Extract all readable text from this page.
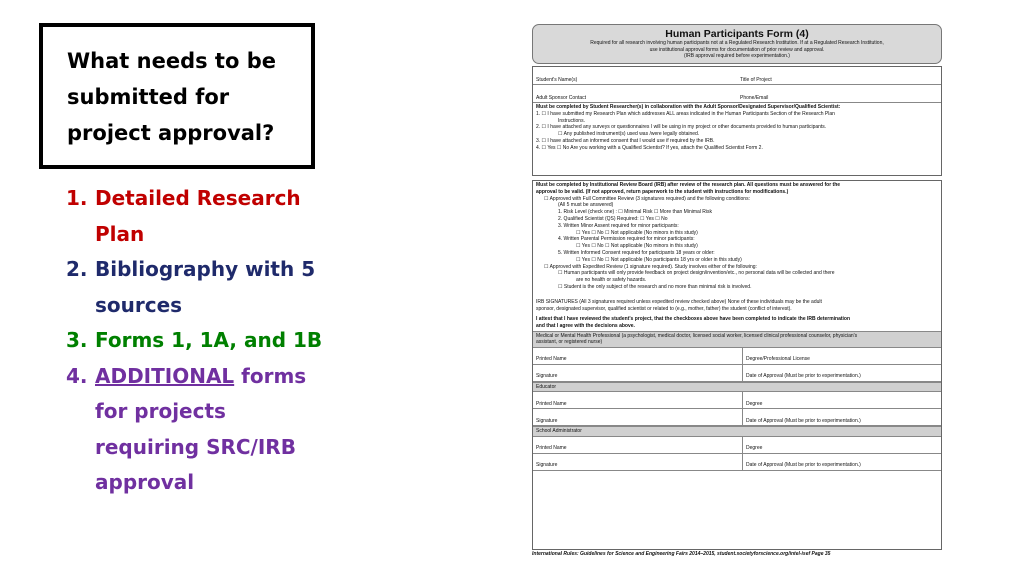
What needs to be submitted for project approval?
1. Detailed Research Plan
2. Bibliography with 5 sources
3. Forms 1, 1A, and 1B
4. ADDITIONAL forms for projects requiring SRC/IRB approval
Human Participants Form (4)
Required for all research involving human participants not at a Regulated Research Institution. If at a Regulated Research Institution,
use institutional approval forms for documentation of prior review and approval.
(IRB approval required before experimentation.)
Student's Name(s)	Title of Project
Adult Sponsor Contact	Phone/Email
Must be completed by Student Researcher(s) in collaboration with the Adult Sponsor/Designated Supervisor/Qualified Scientist:
1. ☐ I have submitted my Research Plan which addresses ALL areas indicated in the Human Participants Section of the Research Plan
Instructions.
2. ☐ I have attached any surveys or questionnaires I will be using in my project or other documents provided to human participants.
☐ Any published instrument(s) used was /were legally obtained.
3. ☐ I have attached an informed consent that I would use if required by the IRB.
4. ☐ Yes ☐ No Are you working with a Qualified Scientist? If yes, attach the Qualified Scientist Form 2.
Must be completed by Institutional Review Board (IRB) after review of the research plan. All questions must be answered for the
approval to be valid. (If not approved, return paperwork to the student with instructions for modifications.)
☐ Approved with Full Committee Review (3 signatures required) and the following conditions:
(All 5 must be answered)
1. Risk Level (check one) : ☐ Minimal Risk ☐ More than Minimal Risk
2. Qualified Scientist (QS) Required: ☐ Yes ☐ No
3. Written Minor Assent required for minor participants:
☐ Yes ☐ No ☐ Not applicable (No minors in this study)
4. Written Parental Permission required for minor participants:
☐ Yes ☐ No ☐ Not applicable (No minors in this study)
5. Written Informed Consent required for participants 18 years or older:
☐ Yes ☐ No ☐ Not applicable (No participants 18 yrs or older in this study)
☐ Approved with Expedited Review (1 signature required). Study involves either of the following:
☐ Human participants will only provide feedback on project design/invention/etc., no personal data will be collected and there
are no health or safety hazards.
☐ Student is the only subject of the research and no more than minimal risk is involved.
IRB SIGNATURES (All 3 signatures required unless expedited review checked above) None of these individuals may be the adult
sponsor, designated supervisor, qualified scientist or related to (e.g., mother, father) the student (conflict of interest).
I attest that I have reviewed the student's project, that the checkboxes above have been completed to indicate the IRB determination
and that I agree with the decisions above.
Medical or Mental Health Professional (a psychologist, medical doctor, licensed social worker, licensed clinical professional counselor, physician's
assistant, or registered nurse)
Printed Name	Degree/Professional License
Signature	Date of Approval (Must be prior to experimentation.)
Educator
Printed Name	Degree
Signature	Date of Approval (Must be prior to experimentation.)
School Administrator
Printed Name	Degree
Signature	Date of Approval (Must be prior to experimentation.)
International Rules: Guidelines for Science and Engineering Fairs 2014–2015, student.societyforscience.org/intel-isef Page 35
